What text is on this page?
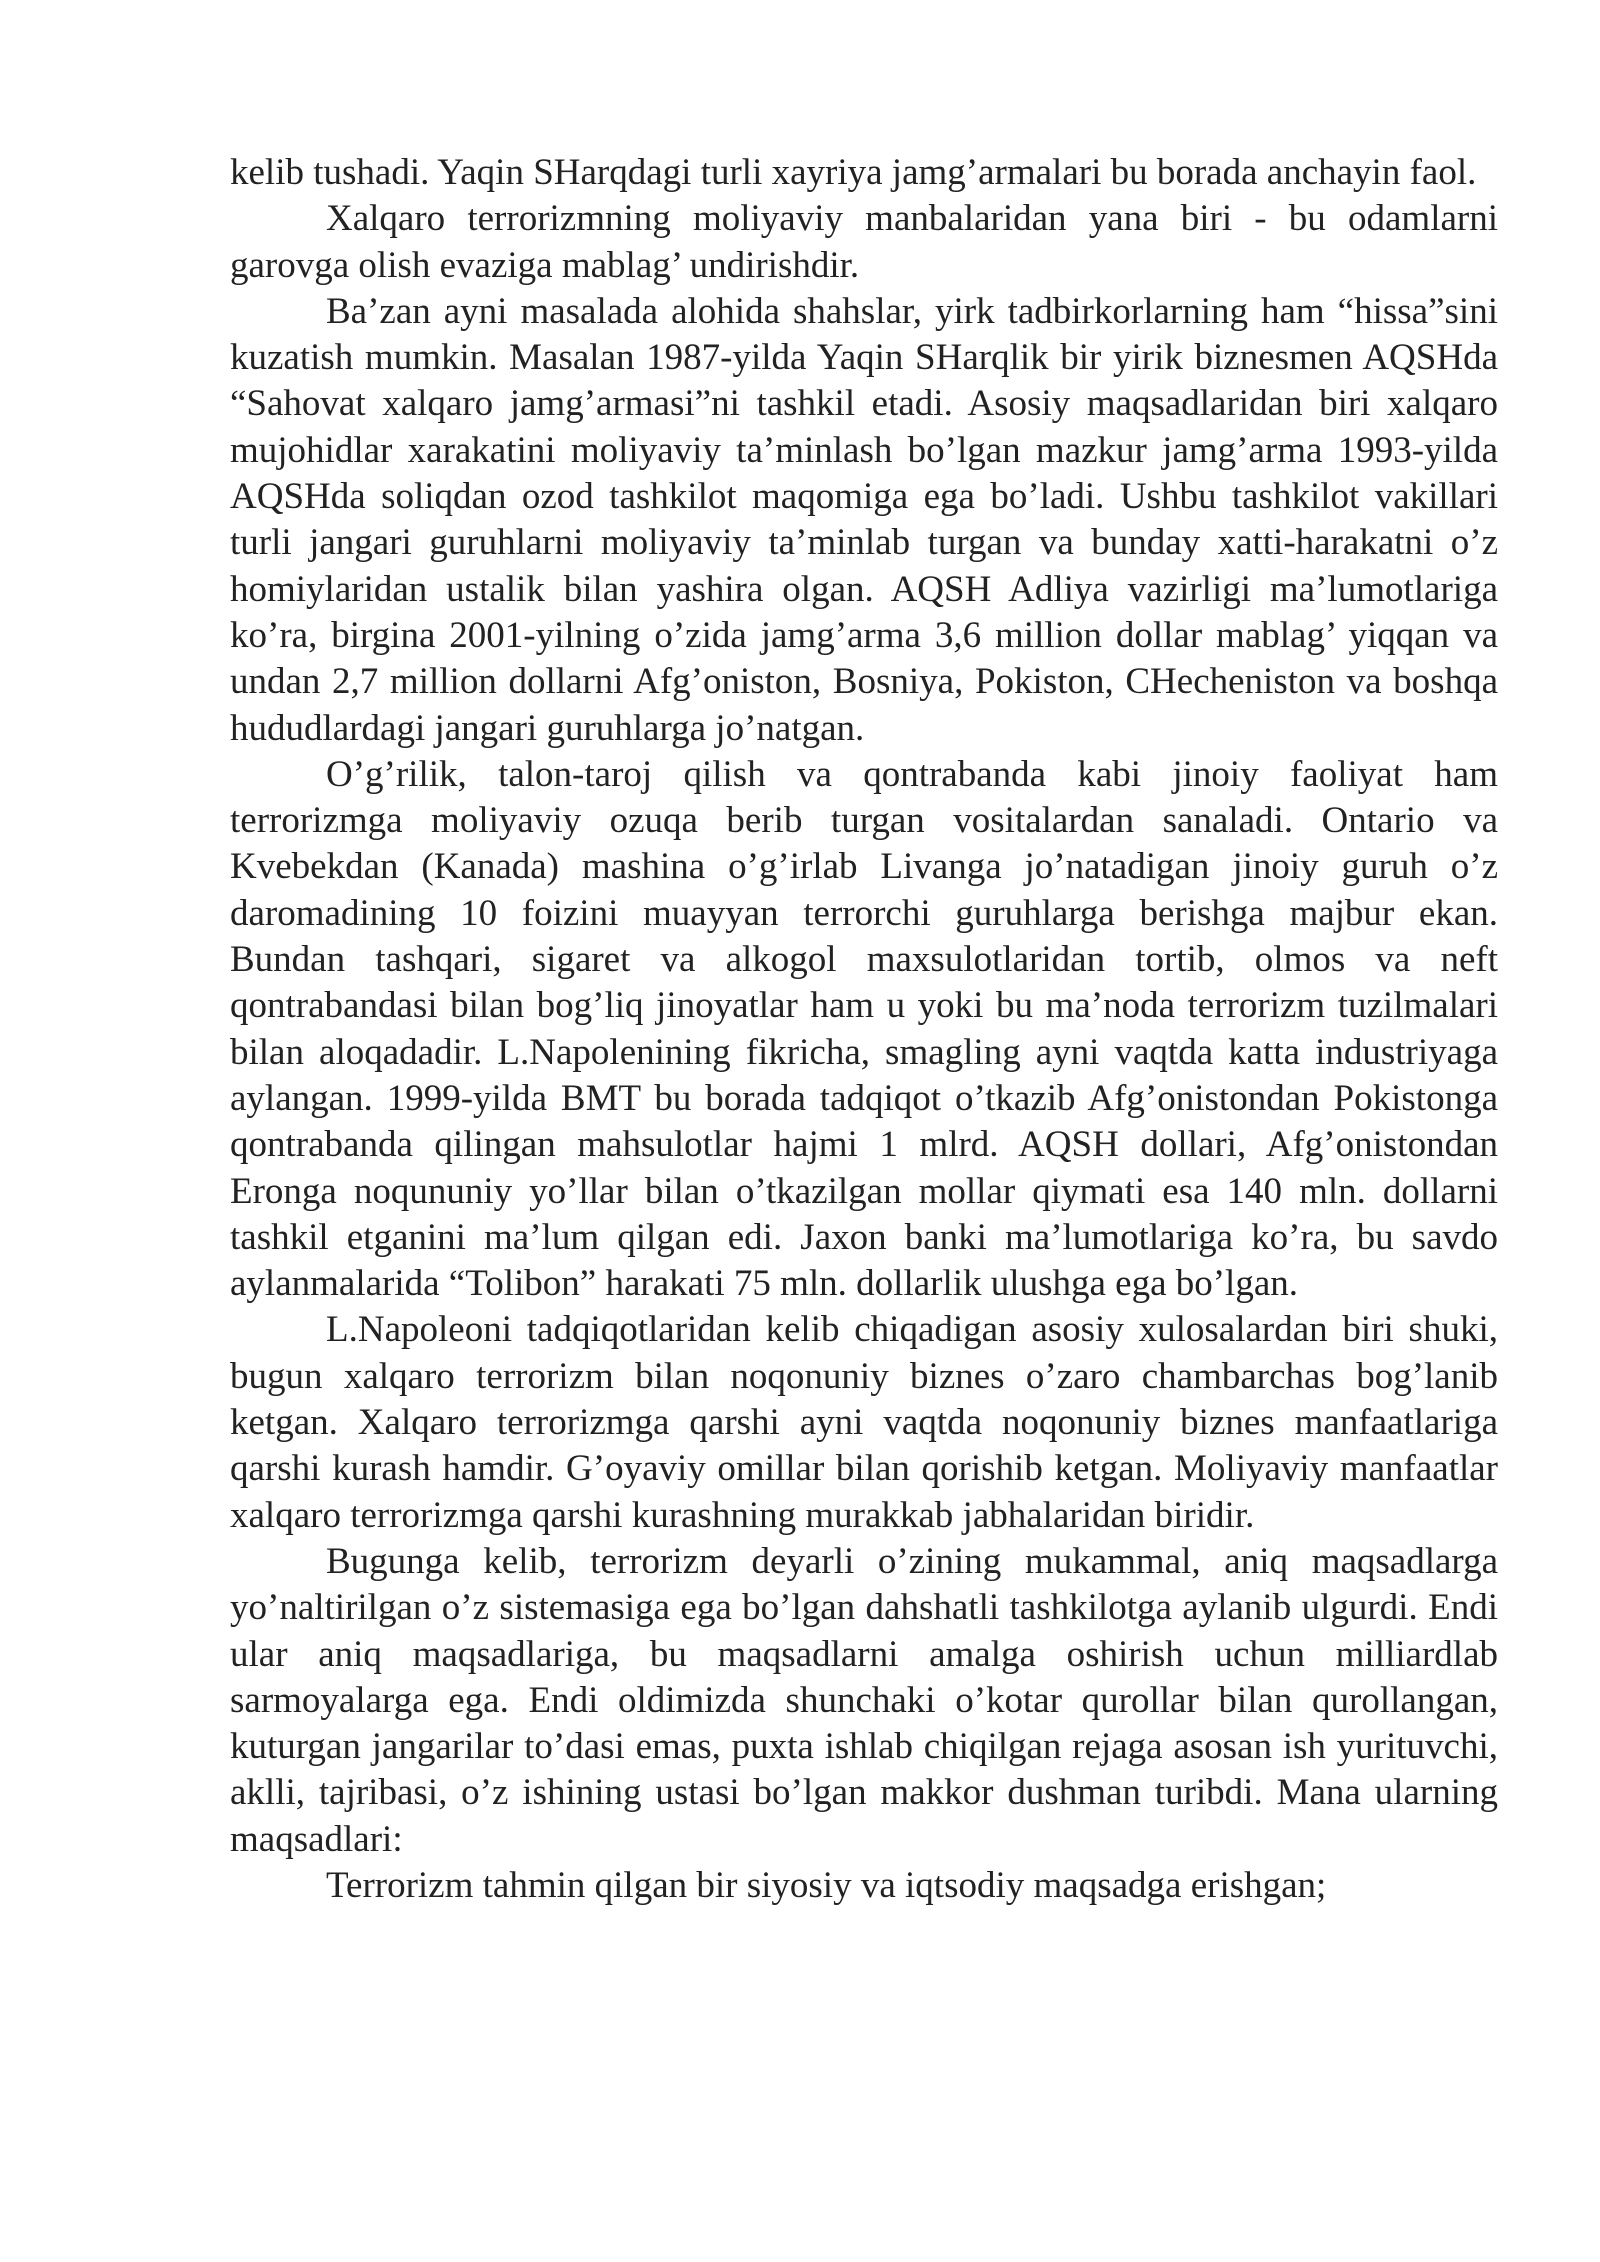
kelib tushadi. Yaqin SHarqdagi turli xayriya jamg’armalari bu borada anchayin faol.

Xalqaro terrorizmning moliyaviy manbalaridan yana biri - bu odamlarni garovga olish evaziga mablag’ undirishdir.

Ba’zan ayni masalada alohida shahslar, yirk tadbirkorlarning ham “hissa”sini kuzatish mumkin. Masalan 1987-yilda Yaqin SHarqlik bir yirik biznesmen AQSHda “Sahovat xalqaro jamg’armasi”ni tashkil etadi. Asosiy maqsadlaridan biri xalqaro mujohidlar xarakatini moliyaviy ta’minlash bo’lgan mazkur jamg’arma 1993-yilda AQSHda soliqdan ozod tashkilot maqomiga ega bo’ladi. Ushbu tashkilot vakillari turli jangari guruhlarni moliyaviy ta’minlab turgan va bunday xatti-harakatni o’z homiylaridan ustalik bilan yashira olgan. AQSH Adliya vazirligi ma’lumotlariga ko’ra, birgina 2001-yilning o’zida jamg’arma 3,6 million dollar mablag’ yiqqan va undan 2,7 million dollarni Afg’oniston, Bosniya, Pokiston, CHecheniston va boshqa hududlardagi jangari guruhlarga jo’natgan.

O’g’rilik, talon-taroj qilish va qontrabanda kabi jinoiy faoliyat ham terrorizmga moliyaviy ozuqa berib turgan vositalardan sanaladi. Ontario va Kvebekdan (Kanada) mashina o’g’irlab Livanga jo’natadigan jinoiy guruh o’z daromadining 10 foizini muayyan terrorchi guruhlarga berishga majbur ekan. Bundan tashqari, sigaret va alkogol maxsulotlaridan tortib, olmos va neft qontrabandasi bilan bog’liq jinoyatlar ham u yoki bu ma’noda terrorizm tuzilmalari bilan aloqadadir. L.Napolenining fikricha, smagling ayni vaqtda katta industriyaga aylangan. 1999-yilda BMT bu borada tadqiqot o’tkazib Afg’onistondan Pokistonga qontrabanda qilingan mahsulotlar hajmi 1 mlrd. AQSH dollari, Afg’onistondan Eronga noqununiy yo’llar bilan o’tkazilgan mollar qiymati esa 140 mln. dollarni tashkil etganini ma’lum qilgan edi. Jaxon banki ma’lumotlariga ko’ra, bu savdo aylanmalarida “Tolibon” harakati 75 mln. dollarlik ulushga ega bo’lgan.

L.Napoleoni tadqiqotlaridan kelib chiqadigan asosiy xulosalardan biri shuki, bugun xalqaro terrorizm bilan noqonuniy biznes o’zaro chambarchas bog’lanib ketgan. Xalqaro terrorizmga qarshi ayni vaqtda noqonuniy biznes manfaatlariga qarshi kurash hamdir. G’oyaviy omillar bilan qorishib ketgan. Moliyaviy manfaatlar xalqaro terrorizmga qarshi kurashning murakkab jabhalaridan biridir.

Bugunga kelib, terrorizm deyarli o’zining mukammal, aniq maqsadlarga yo’naltirilgan o’z sistemasiga ega bo’lgan dahshatli tashkilotga aylanib ulgurdi. Endi ular aniq maqsadlariga, bu maqsadlarni amalga oshirish uchun milliardlab sarmoyalarga ega. Endi oldimizda shunchaki o’kotar qurollar bilan qurollangan, kuturgan jangarilar to’dasi emas, puxta ishlab chiqilgan rejaga asosan ish yurituvchi, aklli, tajribasi, o’z ishining ustasi bo’lgan makkor dushman turibdi. Mana ularning maqsadlari:

Terrorizm tahmin qilgan bir siyosiy va iqtsodiy maqsadga erishgan;
